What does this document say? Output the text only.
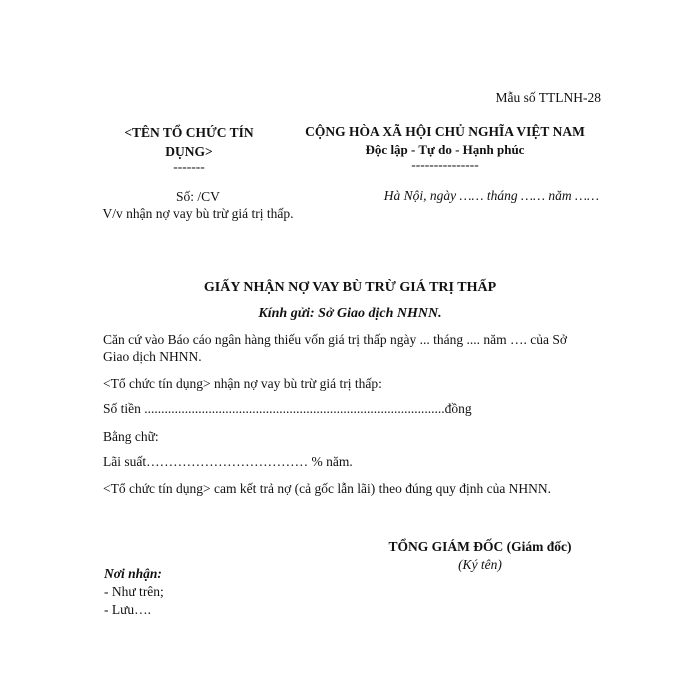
Mẫu số TTLNH-28
<TÊN TỔ CHỨC TÍN DỤNG>
-------
CỘNG HÒA XÃ HỘI CHỦ NGHĨA VIỆT NAM
Độc lập - Tự do - Hạnh phúc
---------------
Số: /CV
V/v nhận nợ vay bù trừ giá trị thấp.
Hà Nội, ngày …… tháng …… năm ……
GIẤY NHẬN NỢ VAY BÙ TRỪ GIÁ TRỊ THẤP
Kính gửi: Sở Giao dịch NHNN.
Căn cứ vào Báo cáo ngân hàng thiếu vốn giá trị thấp ngày ... tháng .... năm …. của Sở Giao dịch NHNN.
<Tổ chức tín dụng> nhận nợ vay bù trừ giá trị thấp:
Số tiền .........................................................................................đồng
Bằng chữ:
Lãi suất……………………………… % năm.
<Tổ chức tín dụng> cam kết trả nợ (cả gốc lẫn lãi) theo đúng quy định của NHNN.
TỔNG GIÁM ĐỐC (Giám đốc)
(Ký tên)
Nơi nhận:
- Như trên;
- Lưu….
